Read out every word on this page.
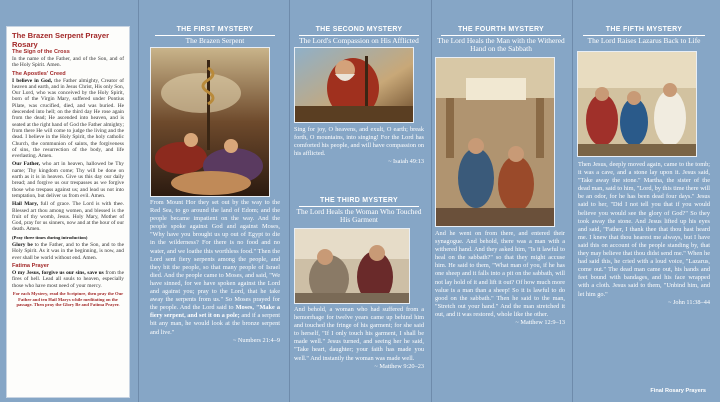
The Brazen Serpent Prayer Rosary
The Sign of the Cross

In the name of the Father, and of the Son, and of the Holy Spirit. Amen.

The Apostles' Creed

I believe in God, the Father almighty, Creator of heaven and earth, and in Jesus Christ, His only Son, Our Lord, who was conceived by the Holy Spirit, born of the Virgin Mary, suffered under Pontius Pilate, was crucified, died, and was buried. He descended into hell; on the third day He rose again from the dead; He ascended into heaven, and is seated at the right hand of God the Father almighty; from there He will come to judge the living and the dead. I believe in the Holy Spirit, the holy catholic Church, the communion of saints, the forgiveness of sins, the resurrection of the body, and life everlasting. Amen.

Our Father, who art in heaven, hallowed be Thy name; Thy kingdom come; Thy will be done on earth as it is in heaven. Give us this day our daily bread; and forgive us our trespasses as we forgive those who trespass against us; and lead us not into temptation, but deliver us from evil. Amen.

Hail Mary, full of grace. The Lord is with thee. Blessed art thou among women, and blessed is the fruit of thy womb, Jesus. Holy Mary, Mother of God, pray for us sinners, now and at the hour of our death. Amen.

(Pray three times during introduction)

Glory be to the Father, and to the Son, and to the Holy Spirit. As it was in the beginning, is now, and ever shall be world without end. Amen.

Fatima Prayer

O my Jesus, forgive us our sins, save us from the fires of hell. Lead all souls to heaven, especially those who have most need of your mercy.

For each Mystery, read the Scripture, then pray the Our Father and ten Hail Marys while meditating on the passage. Then pray the Glory Be and Fatima Prayer.

THE FIRST MYSTERY
The Brazen Serpent
From Mount Hor they set out by the way to the Red Sea, to go around the land of Edom; and the people became impatient on the way. And the people spoke against God and against Moses, "Why have you brought us up out of Egypt to die in the wilderness? For there is no food and no water, and we loathe this worthless food." Then the Lord sent fiery serpents among the people, and they bit the people, so that many people of Israel died. And the people came to Moses, and said, "We have sinned, for we have spoken against the Lord and against you; pray to the Lord, that he take away the serpents from us." So Moses prayed for the people. And the Lord said to Moses, "Make a fiery serpent, and set it on a pole; and if a serpent bit any man, he would look at the bronze serpent and live."
~ Numbers 21:4–9
THE SECOND MYSTERY
The Lord's Compassion on His Afflicted
Sing for joy, O heavens, and exult, O earth; break forth, O mountains, into singing! For the Lord has comforted his people, and will have compassion on his afflicted.
~ Isaiah 49:13
THE THIRD MYSTERY
The Lord Heals the Woman Who Touched His Garment
And behold, a woman who had suffered from a hemorrhage for twelve years came up behind him and touched the fringe of his garment; for she said to herself, "If I only touch his garment, I shall be made well." Jesus turned, and seeing her he said, "Take heart, daughter; your faith has made you well." And instantly the woman was made well.
~ Matthew 9:20–23
THE FOURTH MYSTERY
The Lord Heals the Man with the Withered Hand on the Sabbath
And he went on from there, and entered their synagogue. And behold, there was a man with a withered hand. And they asked him, "Is it lawful to heal on the sabbath?" so that they might accuse him. He said to them, "What man of you, if he has one sheep and it falls into a pit on the sabbath, will not lay hold of it and lift it out? Of how much more value is a man than a sheep! So it is lawful to do good on the sabbath." Then he said to the man, "Stretch out your hand." And the man stretched it out, and it was restored, whole like the other.
~ Matthew 12:9–13
THE FIFTH MYSTERY
The Lord Raises Lazarus Back to Life
Then Jesus, deeply moved again, came to the tomb; it was a cave, and a stone lay upon it. Jesus said, "Take away the stone." Martha, the sister of the dead man, said to him, "Lord, by this time there will be an odor, for he has been dead four days." Jesus said to her, "Did I not tell you that if you would believe you would see the glory of God?" So they took away the stone. And Jesus lifted up his eyes and said, "Father, I thank thee that thou hast heard me. I knew that thou hearest me always, but I have said this on account of the people standing by, that they may believe that thou didst send me." When he had said this, he cried with a loud voice, "Lazarus, come out." The dead man came out, his hands and feet bound with bandages, and his face wrapped with a cloth. Jesus said to them, "Unbind him, and let him go."
~ John 11:38–44
Final Rosary Prayers
